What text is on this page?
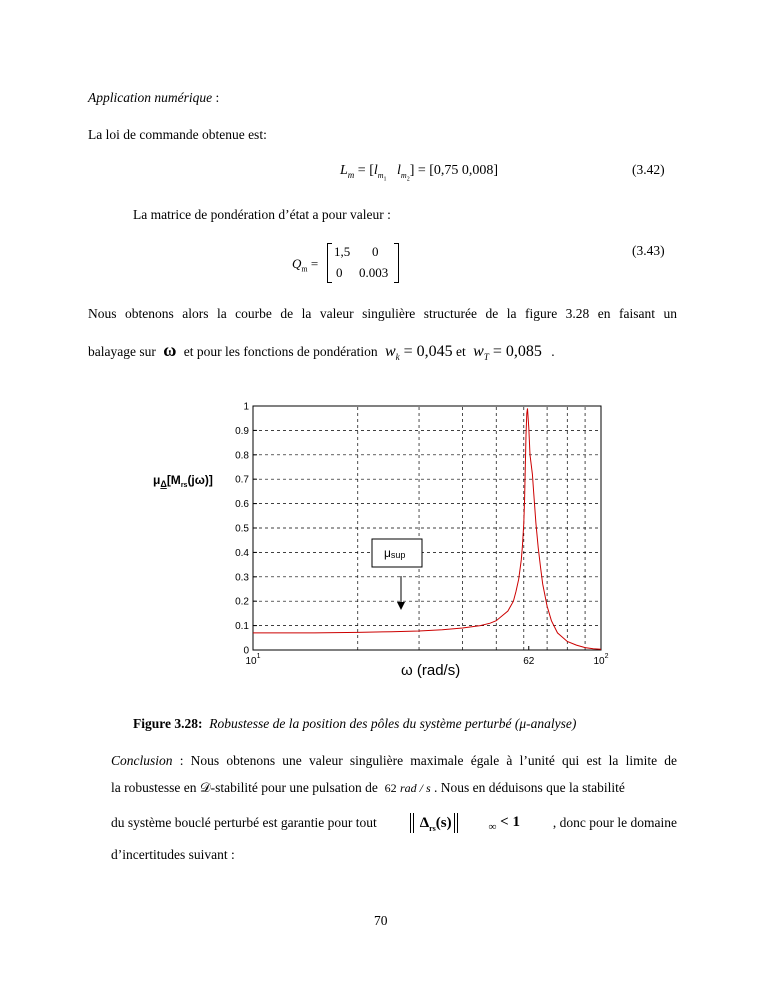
Application numérique :
La loi de commande obtenue est:
$L_m = [l_{m_1}$   $l_{m_2}] = [0,75$ 0,008]	(3.42)
La matrice de pondération d’état a pour valeur :
$Q_m$ =
1,5 0
0 0.003
(3.43)
Nous obtenons alors la courbe de la valeur singulière structurée de la figure 3.28 en faisant un
balayage sur ω et pour les fonctions de pondération $w_k = 0,045$ et $w_T = 0,085$ .
0
0.1
0.2
0.3
0.4
0.5
0.6
0.7
0.8
0.9
1
$10^1$	62	$10^2$
$\mu_\Delta[M_{rs}(j\omega)]$
ω (rad/s)
μsup
Figure 3.28: Robustesse de la position des pôles du système perturbé (μ-analyse)
Conclusion : Nous obtenons une valeur singulière maximale égale à l’unité qui est la limite de
la robustesse en 𝒟-stabilité pour une pulsation de 62 rad / s . Nous en déduisons que la stabilité
du système bouclé perturbé est garantie pour tout	$\Delta_{rs}(s)$	$_\infty$ < 1 , donc pour le domaine
d’incertitudes suivant :
70
